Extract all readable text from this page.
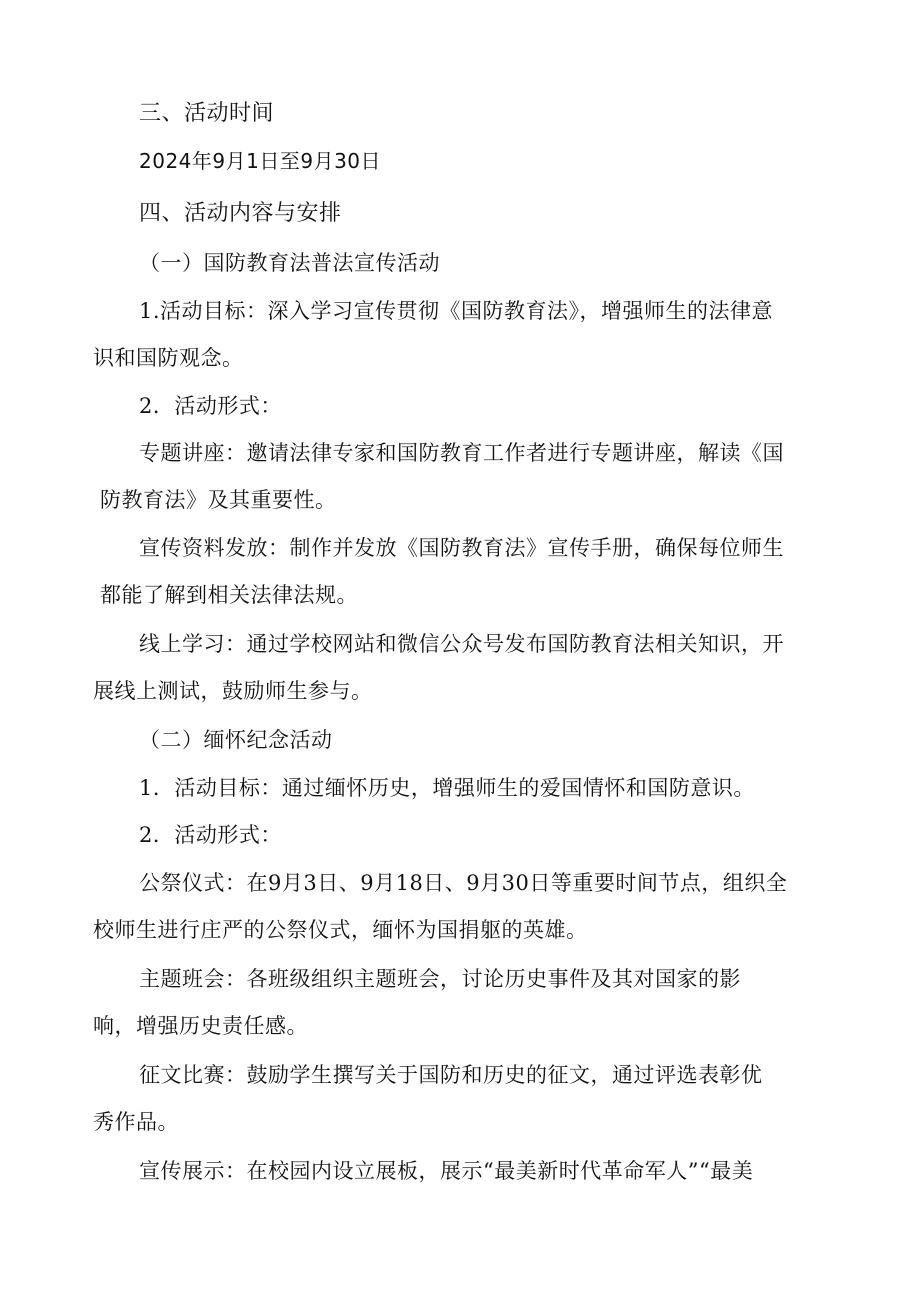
三、活动时间
2024年9月1日至9月30日
四、活动内容与安排
（一）国防教育法普法宣传活动
1.活动目标：深入学习宣传贯彻《国防教育法》，增强师生的法律意
识和国防观念。
2．活动形式：
专题讲座：邀请法律专家和国防教育工作者进行专题讲座，解读《国
防教育法》及其重要性。
宣传资料发放：制作并发放《国防教育法》宣传手册，确保每位师生
都能了解到相关法律法规。
线上学习：通过学校网站和微信公众号发布国防教育法相关知识，开
展线上测试，鼓励师生参与。
（二）缅怀纪念活动
1．活动目标：通过缅怀历史，增强师生的爱国情怀和国防意识。
2．活动形式：
公祭仪式：在9月3日、9月18日、9月30日等重要时间节点，组织全
校师生进行庄严的公祭仪式，缅怀为国捐躯的英雄。
主题班会：各班级组织主题班会，讨论历史事件及其对国家的影
响，增强历史责任感。
征文比赛：鼓励学生撰写关于国防和历史的征文，通过评选表彰优
秀作品。
宣传展示：在校园内设立展板，展示“最美新时代革命军人”“最美
